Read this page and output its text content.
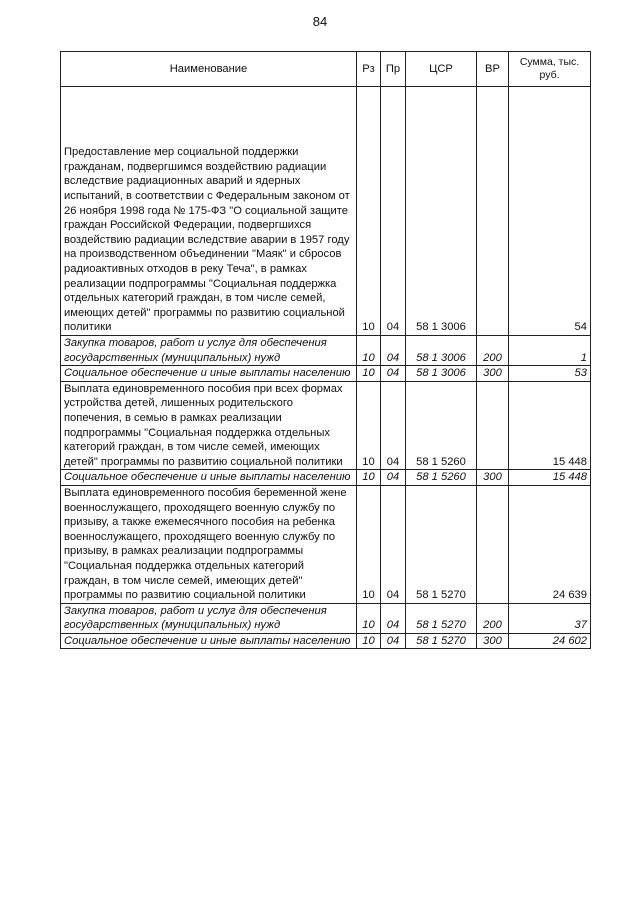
84
Наименование	Рз	Пр	ЦСР	ВР	Сумма, тыс. руб.
Предоставление мер социальной поддержки гражданам, подвергшимся воздействию радиации вследствие радиационных аварий и ядерных испытаний, в соответствии с Федеральным законом от 26 ноября 1998 года № 175-ФЗ "О социальной защите граждан Российской Федерации, подвергшихся воздействию радиации вследствие аварии в 1957 году на производственном объединении "Маяк" и сбросов радиоактивных отходов в реку Теча", в рамках реализации подпрограммы "Социальная поддержка отдельных категорий граждан, в том числе семей, имеющих детей" программы по развитию социальной политики	10	04	58 1 3006		54
Закупка товаров, работ и услуг для обеспечения государственных (муниципальных) нужд	10	04	58 1 3006	200	1
Социальное обеспечение и иные выплаты населению	10	04	58 1 3006	300	53
Выплата единовременного пособия при всех формах устройства детей, лишенных родительского попечения, в семью в рамках реализации подпрограммы "Социальная поддержка отдельных категорий граждан, в том числе семей, имеющих детей" программы по развитию социальной политики	10	04	58 1 5260		15 448
Социальное обеспечение и иные выплаты населению	10	04	58 1 5260	300	15 448
Выплата единовременного пособия беременной жене военнослужащего, проходящего военную службу по призыву, а также ежемесячного пособия на ребенка военнослужащего, проходящего военную службу по призыву, в рамках реализации подпрограммы "Социальная поддержка отдельных категорий граждан, в том числе семей, имеющих детей" программы по развитию социальной политики	10	04	58 1 5270		24 639
Закупка товаров, работ и услуг для обеспечения государственных (муниципальных) нужд	10	04	58 1 5270	200	37
Социальное обеспечение и иные выплаты населению	10	04	58 1 5270	300	24 602
